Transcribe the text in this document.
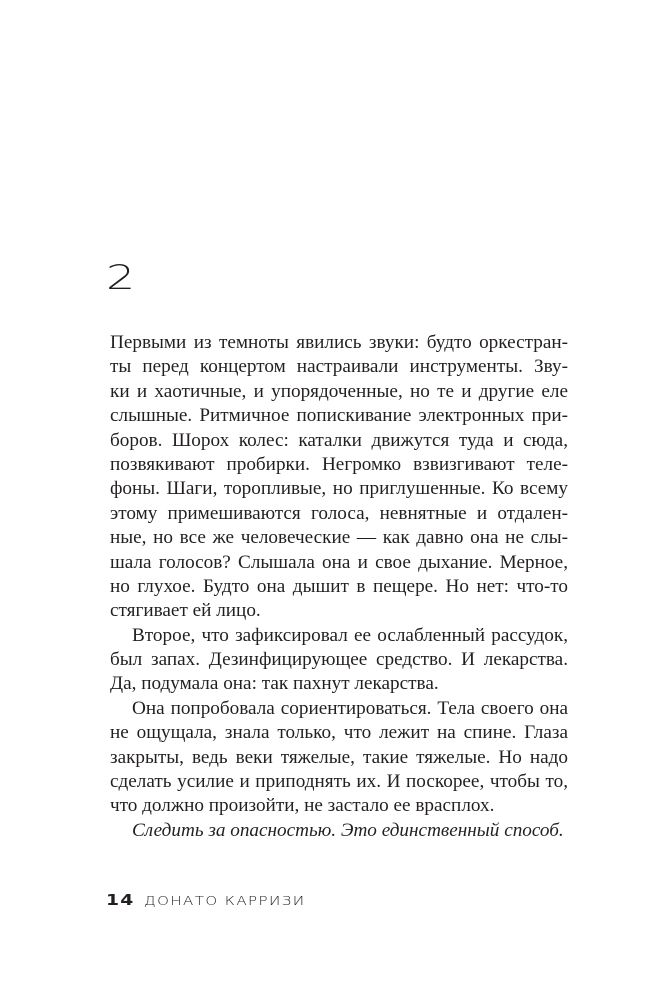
2
Первыми из темноты явились звуки: будто оркестран-
ты перед концертом настраивали инструменты. Зву-
ки и хаотичные, и упорядоченные, но те и другие еле
слышные. Ритмичное попискивание электронных при-
боров. Шорох колес: каталки движутся туда и сюда,
позвякивают пробирки. Негромко взвизгивают теле-
фоны. Шаги, торопливые, но приглушенные. Ко всему
этому примешиваются голоса, невнятные и отдален-
ные, но все же человеческие — как давно она не слы-
шала голосов? Слышала она и свое дыхание. Мерное,
но глухое. Будто она дышит в пещере. Но нет: что-то
стягивает ей лицо.
Второе, что зафиксировал ее ослабленный рассудок,
был запах. Дезинфицирующее средство. И лекарства.
Да, подумала она: так пахнут лекарства.
Она попробовала сориентироваться. Тела своего она
не ощущала, знала только, что лежит на спине. Глаза
закрыты, ведь веки тяжелые, такие тяжелые. Но надо
сделать усилие и приподнять их. И поскорее, чтобы то,
что должно произойти, не застало ее врасплох.
Следить за опасностью. Это единственный способ.
14 ДОНАТО КАРРИЗИ
